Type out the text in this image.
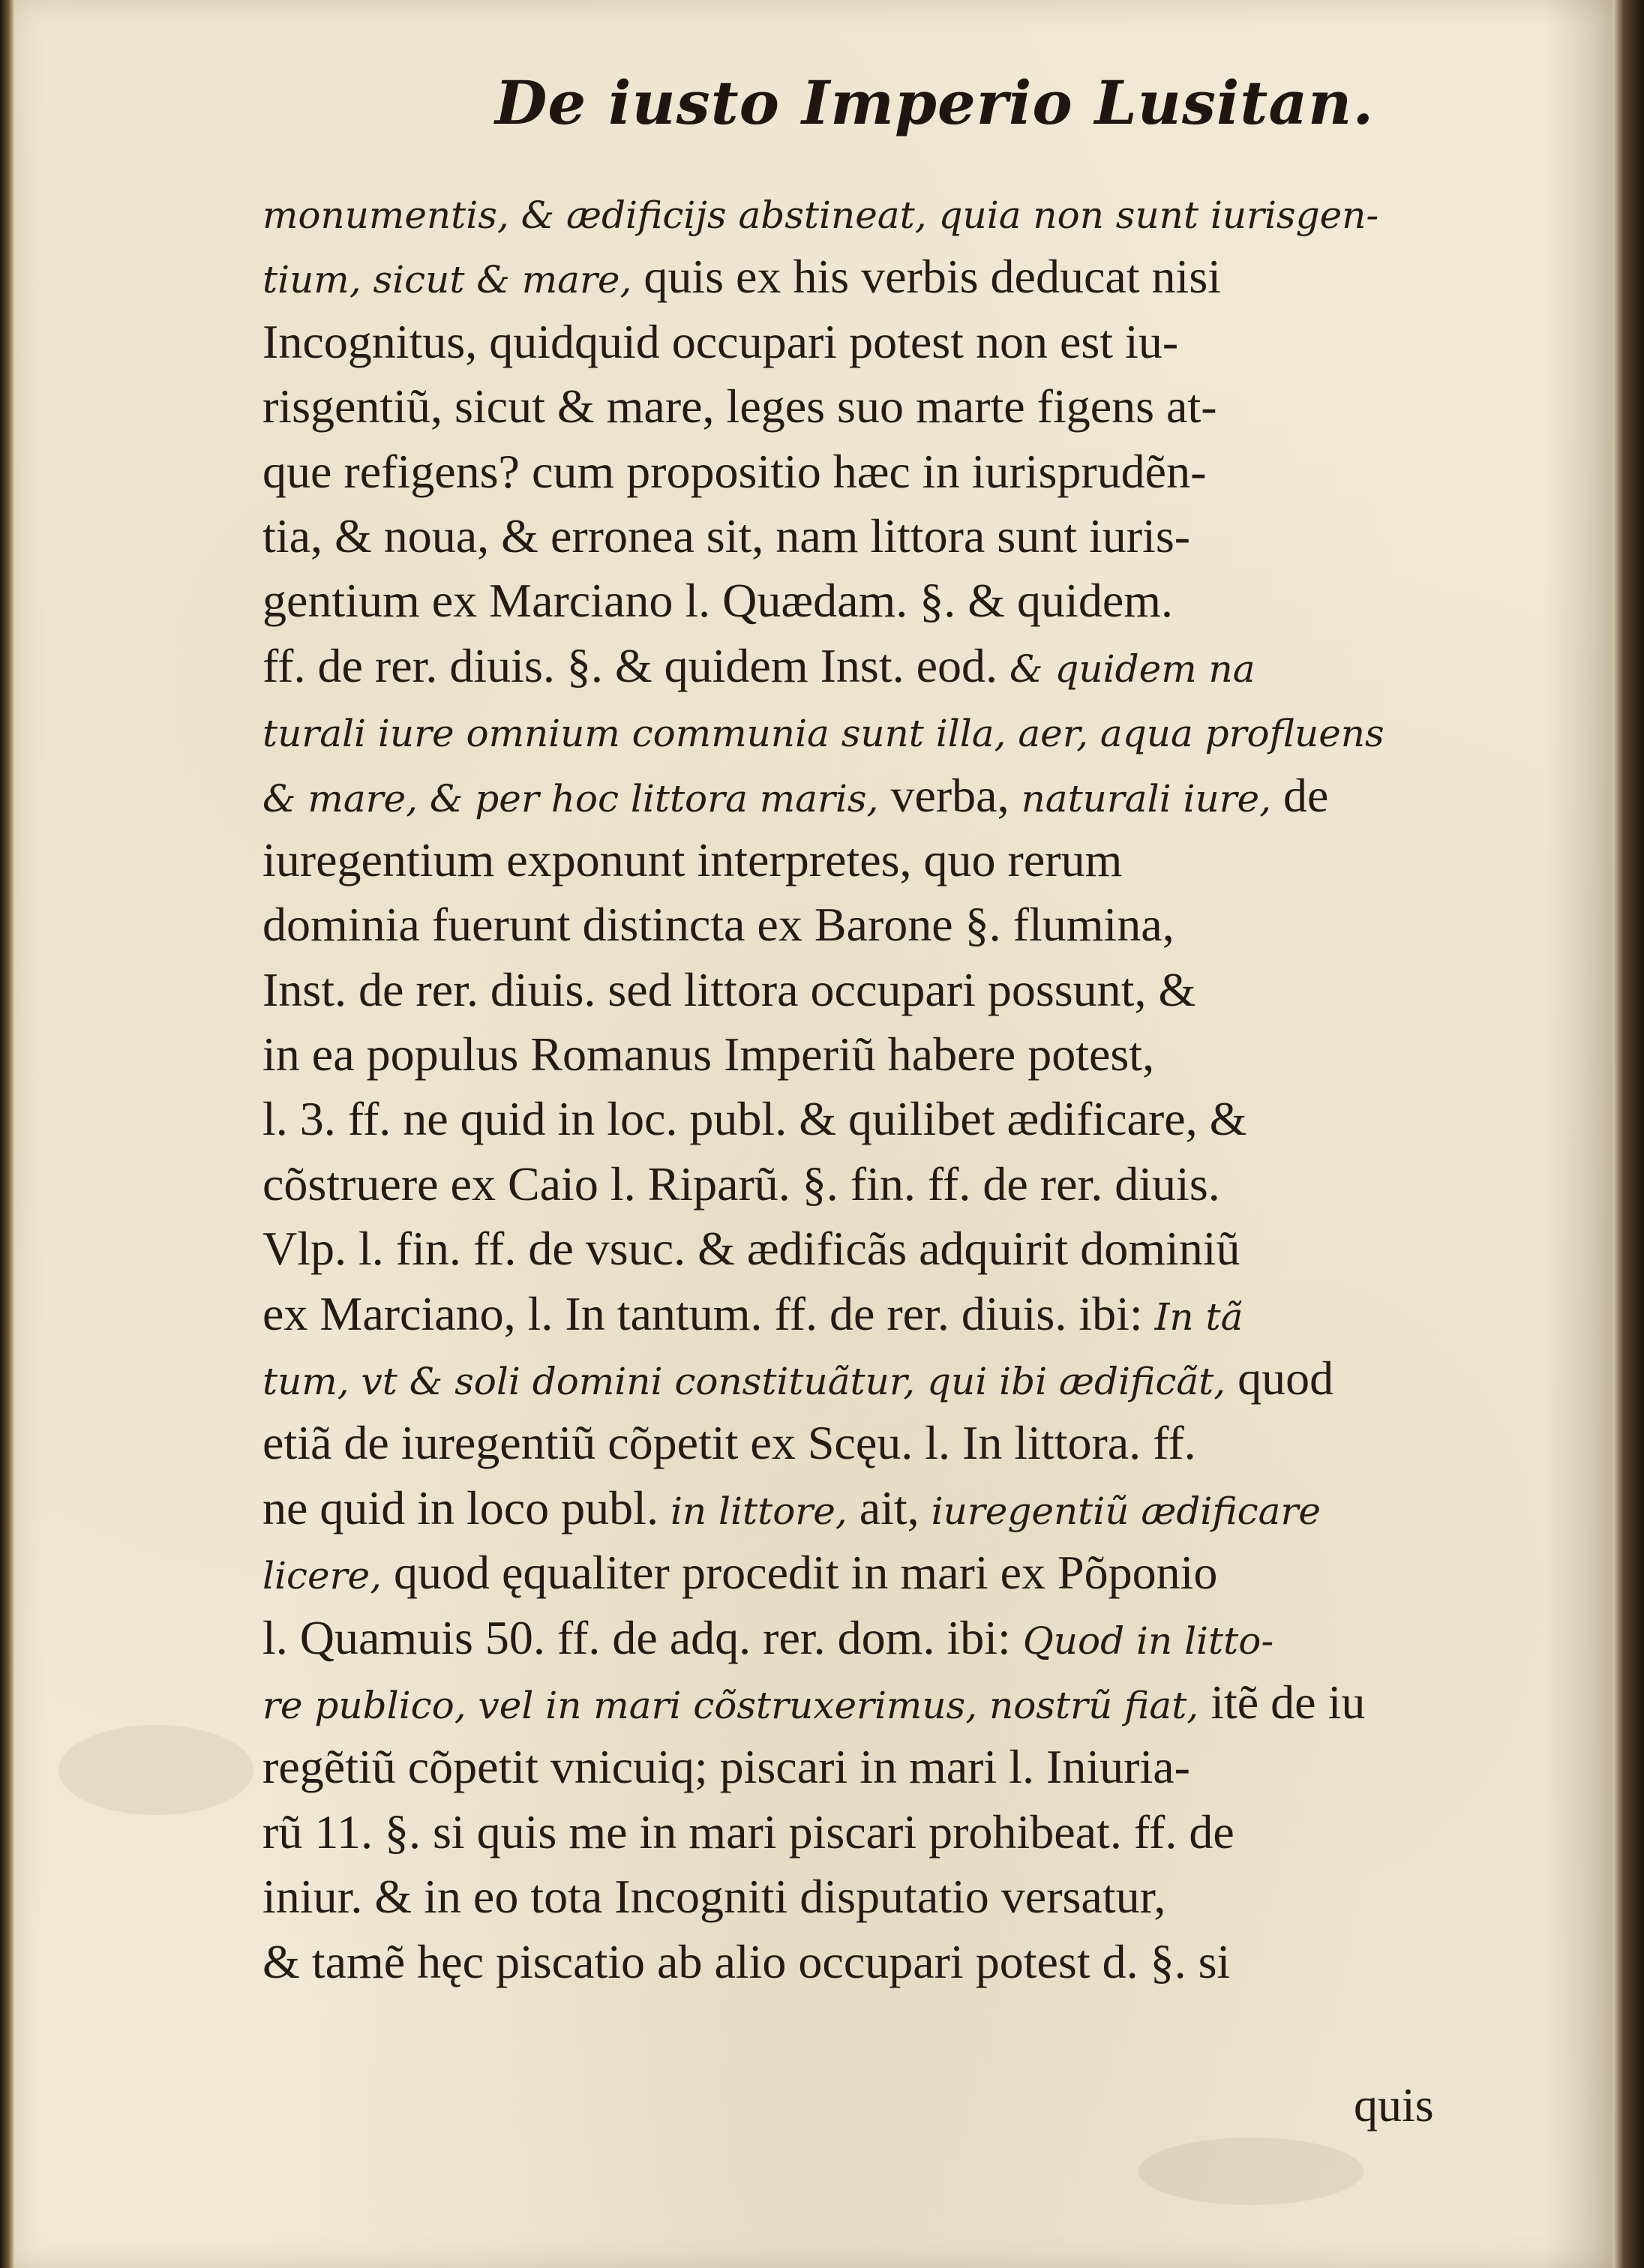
De iusto Imperio Lusitan.
monumentis, & ædificijs abstineat, quia non sunt iurisgen-
tium, sicut & mare, quis ex his verbis deducat nisi
Incognitus, quidquid occupari potest non est iu-
risgentiũ, sicut & mare, leges suo marte figens at-
que refigens? cum propositio hæc in iurisprudẽn-
tia, & noua, & erronea sit, nam littora sunt iuris-
gentium ex Marciano l. Quædam. §. & quidem.
ff. de rer. diuis. §. & quidem Inst. eod. & quidem na
turali iure omnium communia sunt illa, aer, aqua profluens
& mare, & per hoc littora maris, verba, naturali iure, de
iuregentium exponunt interpretes, quo rerum
dominia fuerunt distincta ex Barone §. flumina,
Inst. de rer. diuis. sed littora occupari possunt, &
in ea populus Romanus Imperiũ habere potest,
l. 3. ff. ne quid in loc. publ. & quilibet ædificare, &
cõstruere ex Caio l. Riparũ. §. fin. ff. de rer. diuis.
Vlp. l. fin. ff. de vsuc. & ædificãs adquirit dominiũ
ex Marciano, l. In tantum. ff. de rer. diuis. ibi: In tã
tum, vt & soli domini constituãtur, qui ibi ædificãt, quod
etiã de iuregentiũ cõpetit ex Scęu. l. In littora. ff.
ne quid in loco publ. in littore, ait, iuregentiũ ædificare
licere, quod ęqualiter procedit in mari ex Põponio
l. Quamuis 50. ff. de adq. rer. dom. ibi: Quod in litto-
re publico, vel in mari cõstruxerimus, nostrũ fiat, itẽ de iu
regẽtiũ cõpetit vnicuiq; piscari in mari l. Iniuria-
rũ 11. §. si quis me in mari piscari prohibeat. ff. de
iniur. & in eo tota Incogniti disputatio versatur,
& tamẽ hęc piscatio ab alio occupari potest d. §. si
quis
